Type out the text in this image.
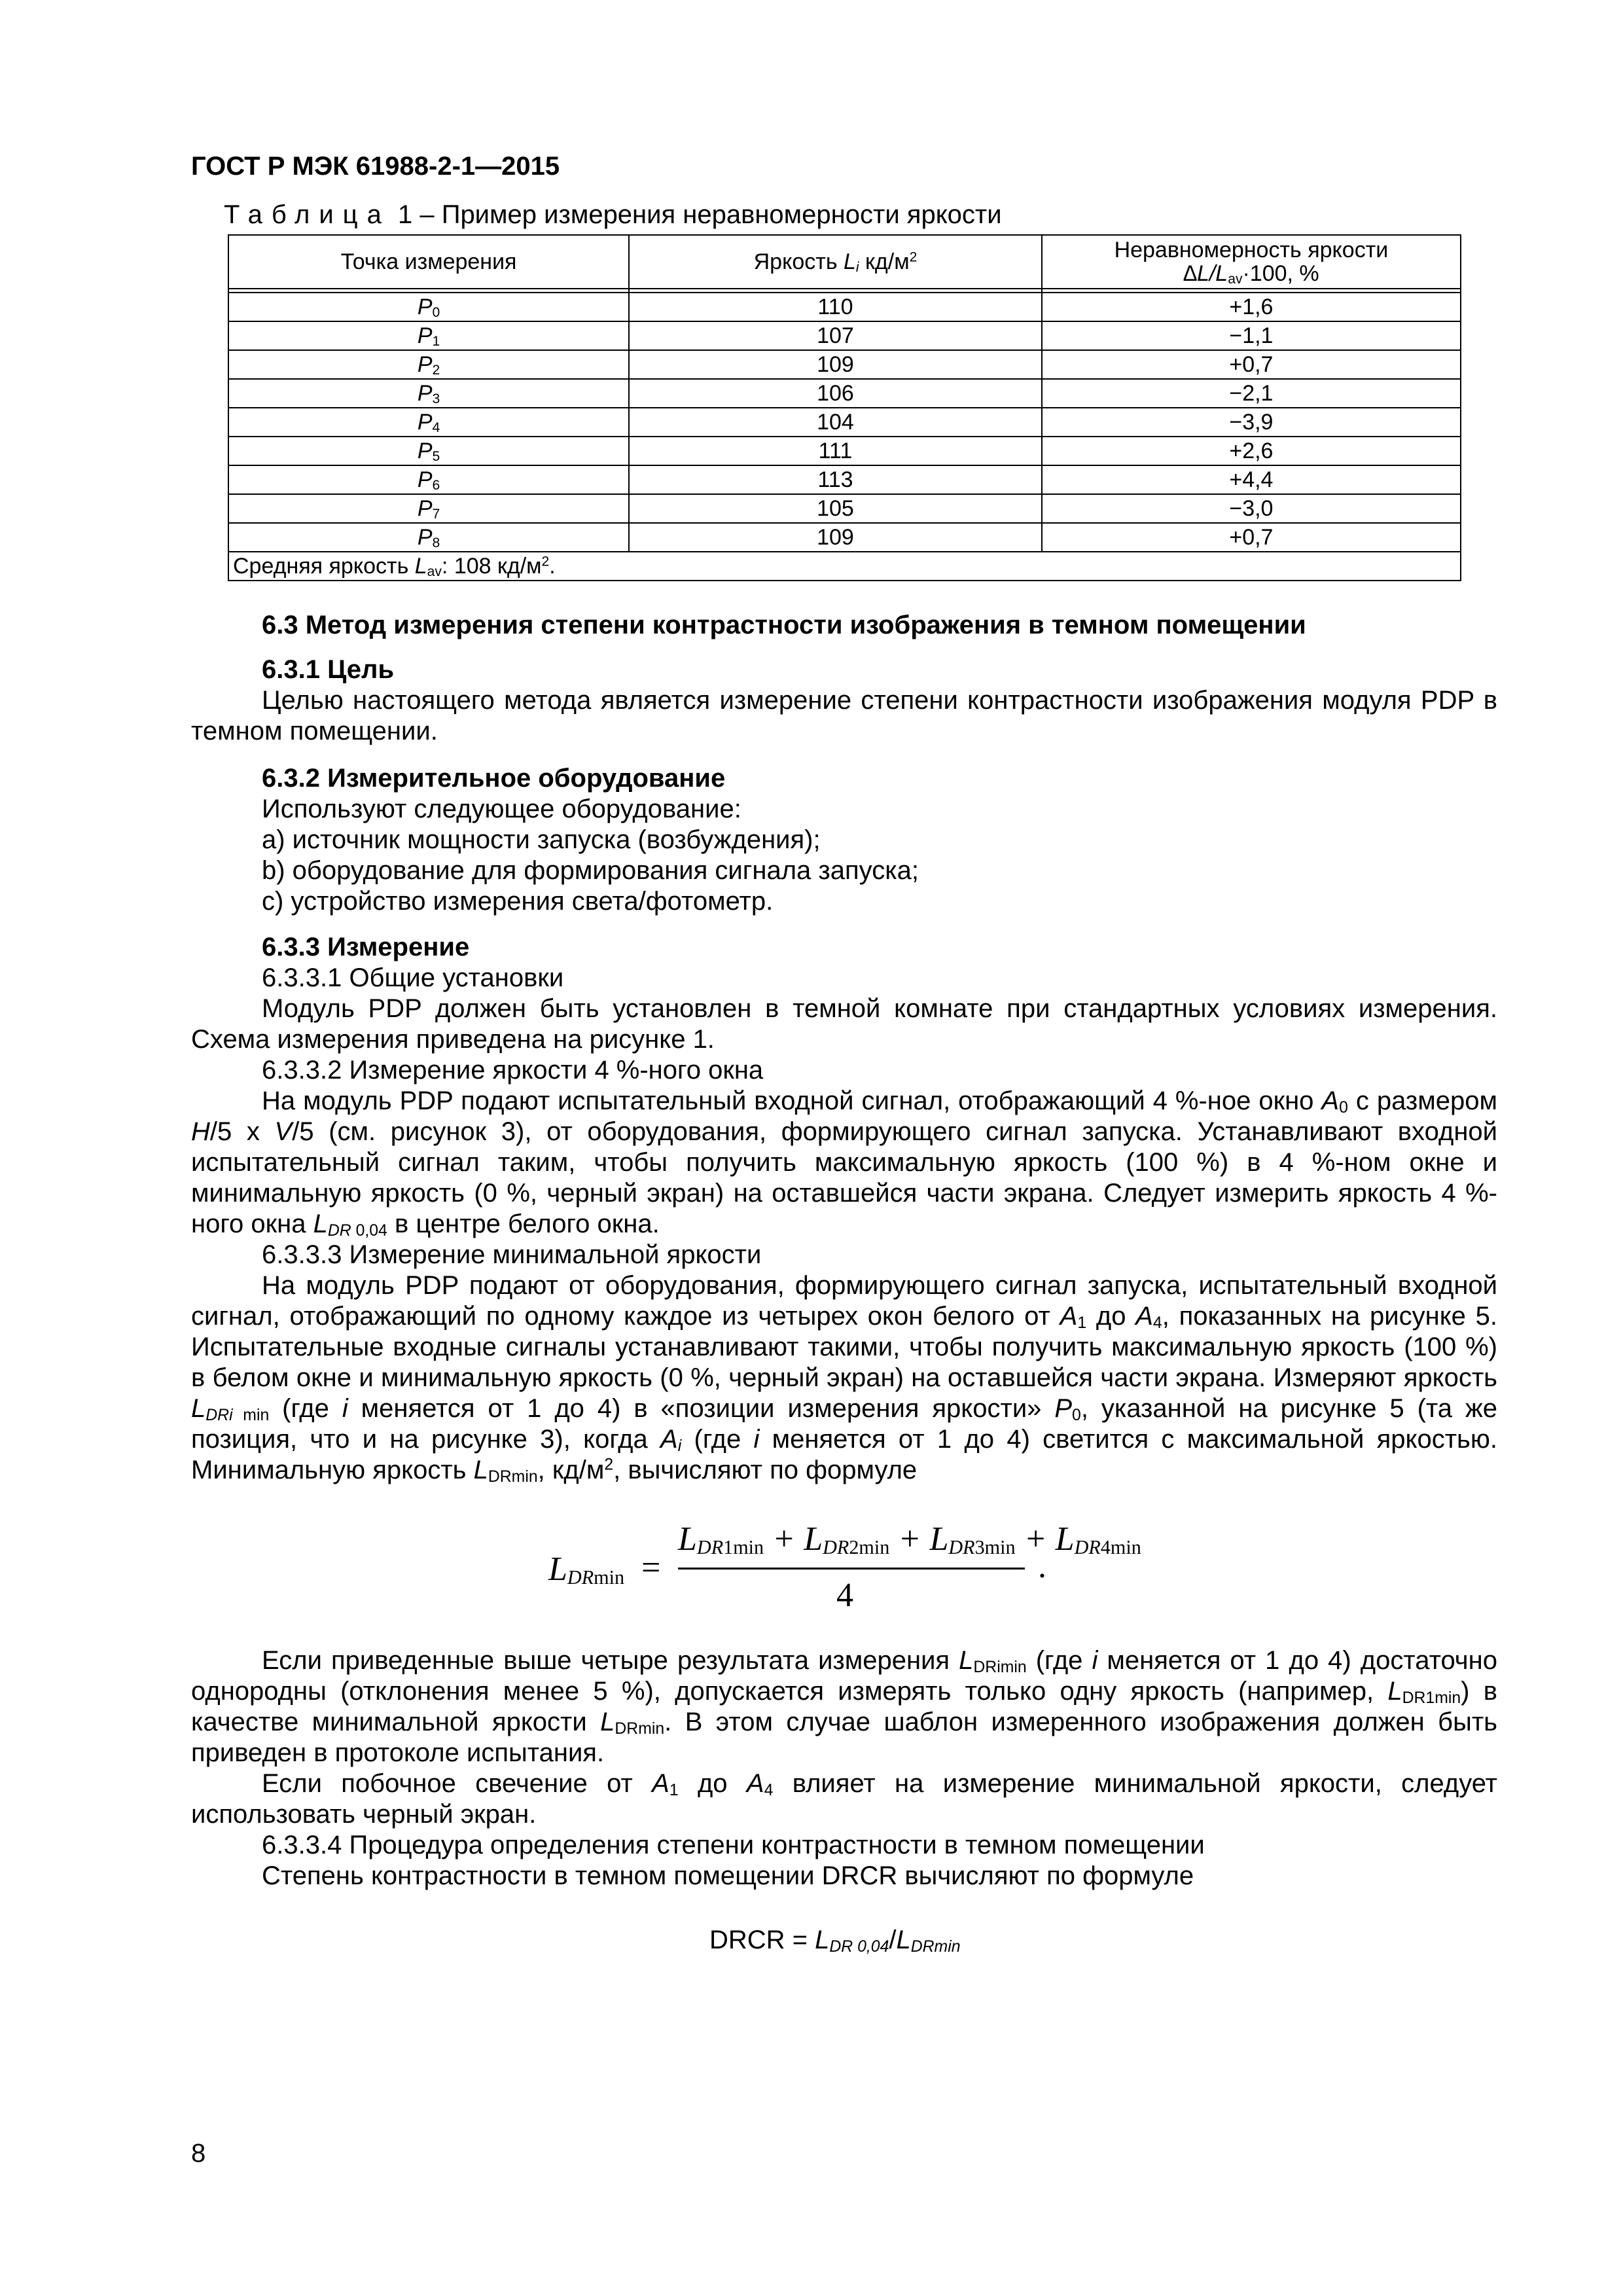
ГОСТ Р МЭК 61988-2-1—2015
Таблица 1 – Пример измерения неравномерности яркости
Точка измерения	Яркость $L_i$ $кд/м^2$	Неравномерность яркости
$\Delta L/L_{av}\cdot 100$, %

$P_0$	110	+1,6
$P_1$	107	−1,1
$P_2$	109	+0,7
$P_3$	106	−2,1
$P_4$	104	−3,9
$P_5$	111	+2,6
$P_6$	113	+4,4
$P_7$	105	−3,0
$P_8$	109	+0,7
Средняя яркость $L_{av}$: 108 $кд/м^2$.		
6.3 Метод измерения степени контрастности изображения в темном помещении
6.3.1 Цель
Целью настоящего метода является измерение степени контрастности изображения модуля PDP в темном помещении.
6.3.2 Измерительное оборудование
Используют следующее оборудование:
a) источник мощности запуска (возбуждения);
b) оборудование для формирования сигнала запуска;
c) устройство измерения света/фотометр.
6.3.3 Измерение
6.3.3.1 Общие установки
Модуль PDP должен быть установлен в темной комнате при стандартных условиях измерения. Схема измерения приведена на рисунке 1.
6.3.3.2 Измерение яркости 4 %-ного окна
На модуль PDP подают испытательный входной сигнал, отображающий 4 %-ное окно $A_0$ с размером H/5 х V/5 (см. рисунок 3), от оборудования, формирующего сигнал запуска. Устанавливают входной испытательный сигнал таким, чтобы получить максимальную яркость (100 %) в 4 %-ном окне и минимальную яркость (0 %, черный экран) на оставшейся части экрана. Следует измерить яркость 4 %-ного окна $L_{DR 0,04}$ в центре белого окна.
6.3.3.3 Измерение минимальной яркости
На модуль PDP подают от оборудования, формирующего сигнал запуска, испытательный входной сигнал, отображающий по одному каждое из четырех окон белого от $A_1$ до $A_4$, показанных на рисунке 5. Испытательные входные сигналы устанавливают такими, чтобы получить максимальную яркость (100 %) в белом окне и минимальную яркость (0 %, черный экран) на оставшейся части экрана. Измеряют яркость $L_{DRi min}$ (где i меняется от 1 до 4) в «позиции измерения яркости» $P_0$, указанной на рисунке 5 (та же позиция, что и на рисунке 3), когда $A_i$ (где i меняется от 1 до 4) светится с максимальной яркостью. Минимальную яркость $L_{DRmin}$, $кд/м^2$, вычисляют по формуле
$L_{DRmin}$ =
$L_{DR1min} + L_{DR2min} + L_{DR3min} + L_{DR4min}$
4
.
Если приведенные выше четыре результата измерения $L_{DRimin}$ (где i меняется от 1 до 4) достаточно однородны (отклонения менее 5 %), допускается измерять только одну яркость (например, $L_{DR1min}$) в качестве минимальной яркости $L_{DRmin}$. В этом случае шаблон измеренного изображения должен быть приведен в протоколе испытания.
Если побочное свечение от $A_1$ до $A_4$ влияет на измерение минимальной яркости, следует использовать черный экран.
6.3.3.4 Процедура определения степени контрастности в темном помещении
Степень контрастности в темном помещении DRCR вычисляют по формуле
DRCR = $L_{DR 0,04}/L_{DRmin}$
8
